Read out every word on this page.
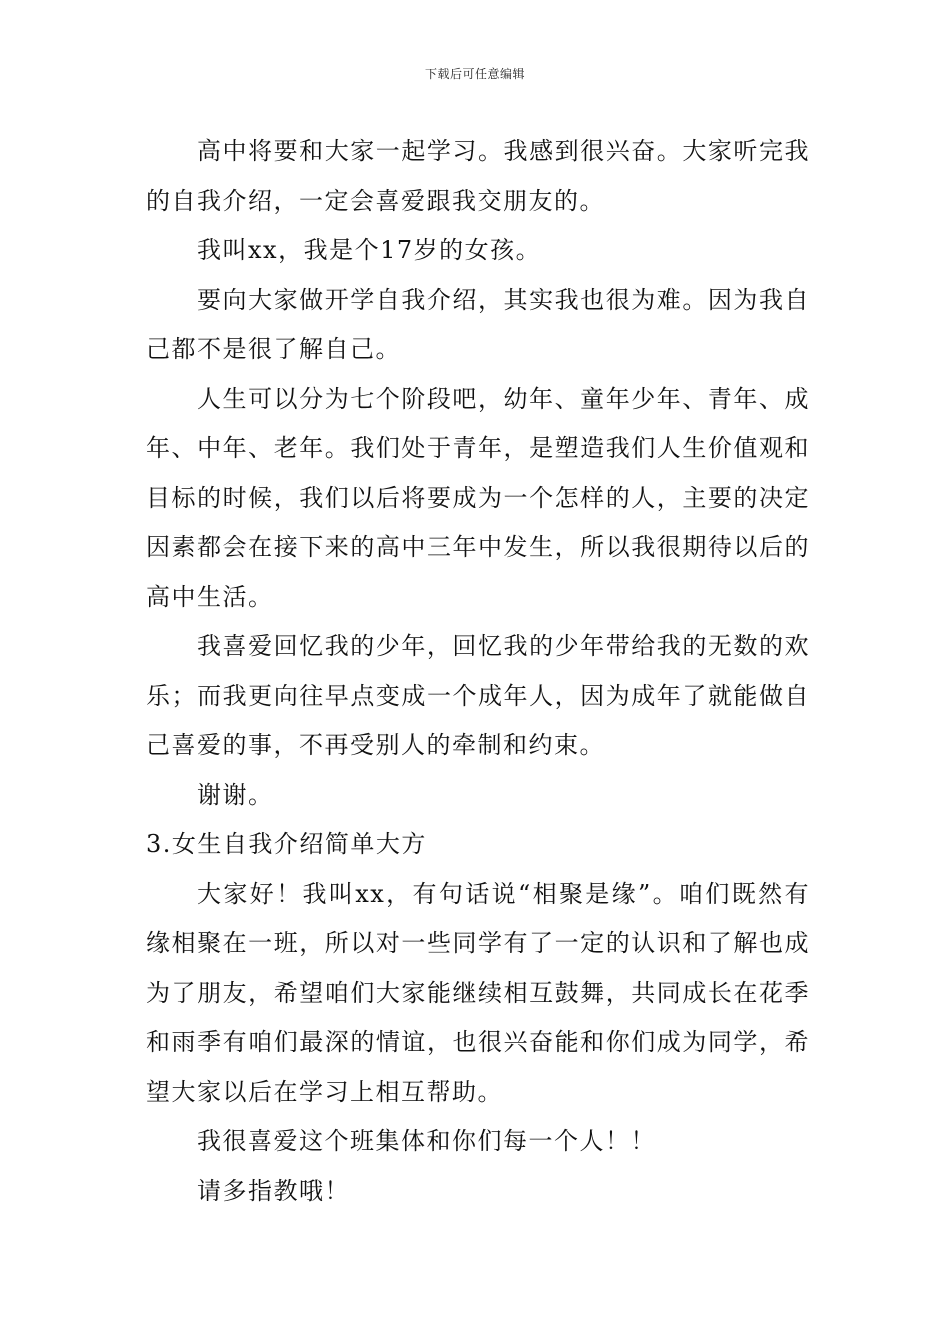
下载后可任意编辑

高中将要和大家一起学习。我感到很兴奋。大家听完我的自我介绍，一定会喜爱跟我交朋友的。

我叫xx，我是个17岁的女孩。

要向大家做开学自我介绍，其实我也很为难。因为我自己都不是很了解自己。

人生可以分为七个阶段吧，幼年、童年少年、青年、成年、中年、老年。我们处于青年，是塑造我们人生价值观和目标的时候，我们以后将要成为一个怎样的人，主要的决定因素都会在接下来的高中三年中发生，所以我很期待以后的高中生活。

我喜爱回忆我的少年，回忆我的少年带给我的无数的欢乐；而我更向往早点变成一个成年人，因为成年了就能做自己喜爱的事，不再受别人的牵制和约束。

谢谢。

3.女生自我介绍简单大方

大家好！我叫xx，有句话说“相聚是缘”。咱们既然有缘相聚在一班，所以对一些同学有了一定的认识和了解也成为了朋友，希望咱们大家能继续相互鼓舞，共同成长在花季和雨季有咱们最深的情谊，也很兴奋能和你们成为同学，希望大家以后在学习上相互帮助。

我很喜爱这个班集体和你们每一个人！！

请多指教哦！
